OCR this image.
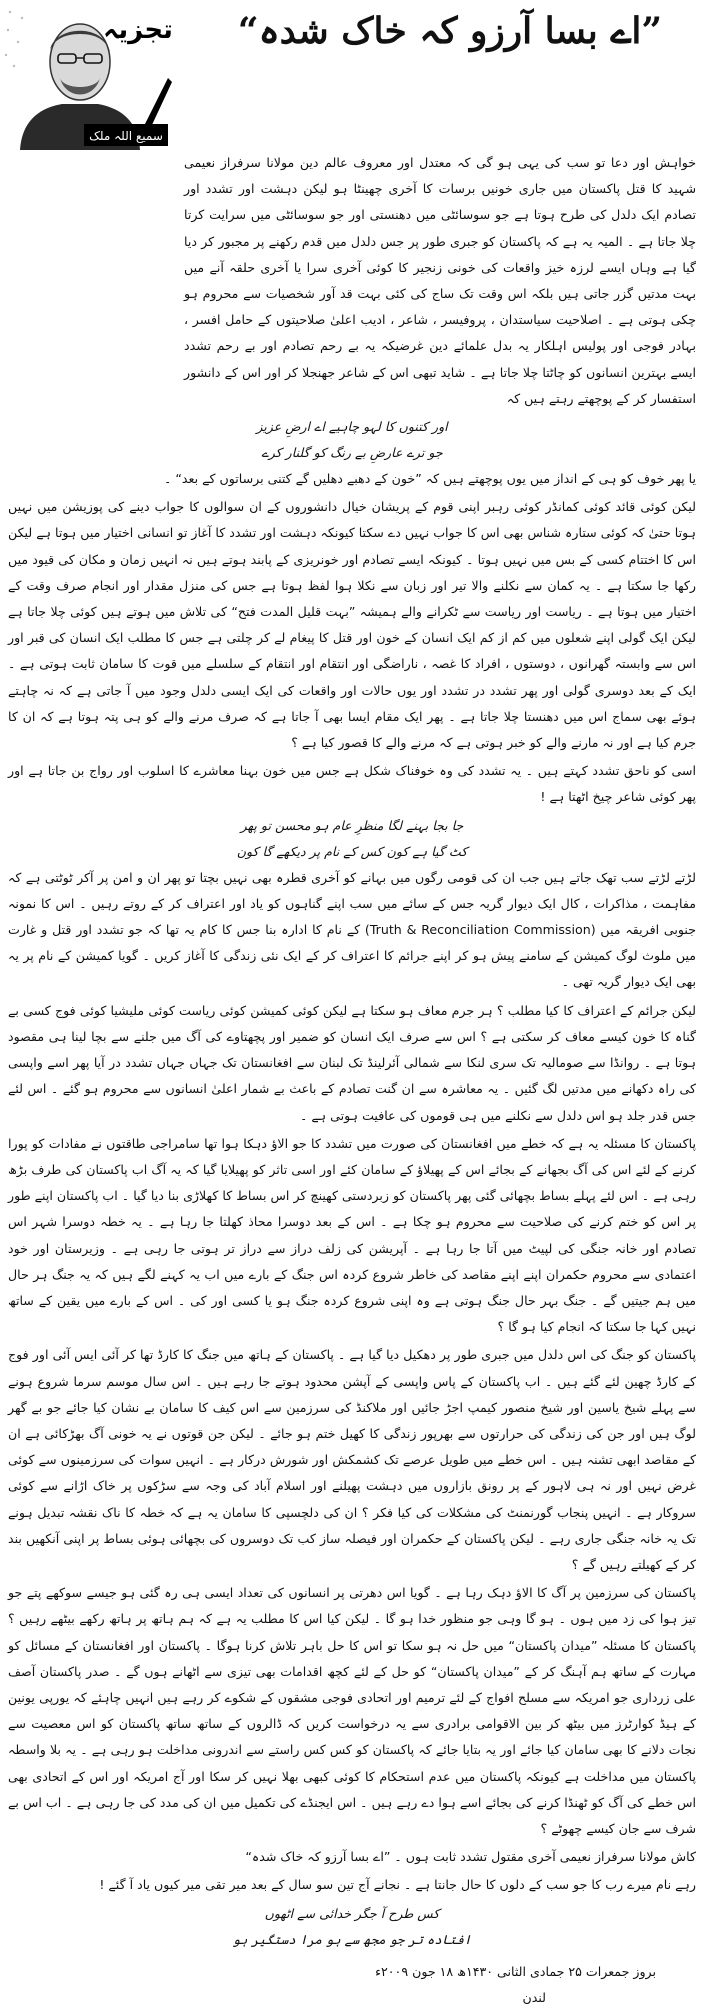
تجزیہ
سمیع اللہ ملک
”اے بسا آرزو کہ خاک شدہ“

خواہش اور دعا تو سب کی یہی ہو گی کہ معتدل اور معروف عالم دین مولانا سرفراز نعیمی شہید کا قتل پاکستان میں جاری خونیں برسات کا آخری چھینٹا ہو لیکن دہشت اور تشدد اور تصادم ایک دلدل کی طرح ہوتا ہے جو سوسائٹی میں دھنستی اور جو سوسائٹی میں سرایت کرتا چلا جاتا ہے ۔ المیہ یہ ہے کہ پاکستان کو جبری طور پر جس دلدل میں قدم رکھنے پر مجبور کر دیا گیا ہے وہاں ایسے لرزہ خیز واقعات کی خونی زنجیر کا کوئی آخری سرا یا آخری حلقہ آنے میں بہت مدتیں گزر جاتی ہیں بلکہ اس وقت تک ساج کی کئی بہت قد آور شخصیات سے محروم ہو چکی ہوتی ہے ۔ اصلاحیت سیاستدان ، پروفیسر ، شاعر ، ادیب اعلیٰ صلاحیتوں کے حامل افسر ، بہادر فوجی اور پولیس اہلکار یہ بدل علمائے دین غرضیکہ یہ بے رحم تصادم اور بے رحم تشدد ایسے بہترین انسانوں کو چاٹتا چلا جاتا ہے ۔ شاید تبھی اس کے شاعر جھنجلا کر اور اس کے دانشور استفسار کر کے پوچھتے رہتے ہیں کہ

اور کتنوں کا لہو چاہیے اے ارضِ عزیز

جو ترے عارضِ بے رنگ کو گلنار کرے

یا پھر خوف کو ہی کے انداز میں یوں پوچھتے ہیں کہ ”خون کے دھبے دھلیں گے کتنی برساتوں کے بعد“ ۔

لیکن کوئی قائد کوئی کمانڈر کوئی رہبر اپنی قوم کے پریشان خیال دانشوروں کے ان سوالوں کا جواب دینے کی پوزیشن میں نہیں ہوتا حتیٰ کہ کوئی ستارہ شناس بھی اس کا جواب نہیں دے سکتا کیونکہ دہشت اور تشدد کا آغاز تو انسانی اختیار میں ہوتا ہے لیکن اس کا اختتام کسی کے بس میں نہیں ہوتا ۔ کیونکہ ایسے تصادم اور خونریزی کے پابند ہوتے ہیں نہ انہیں زمان و مکان کی قیود میں رکھا جا سکتا ہے ۔ یہ کمان سے نکلنے والا تیر اور زبان سے نکلا ہوا لفظ ہوتا ہے جس کی منزل مقدار اور انجام صرف وقت کے اختیار میں ہوتا ہے ۔ ریاست اور ریاست سے ٹکرانے والے ہمیشہ ”بہت قلیل المدت فتح“ کی تلاش میں ہوتے ہیں کوئی چلا جاتا ہے لیکن ایک گولی اپنے شعلوں میں کم از کم ایک انسان کے خون اور قتل کا پیغام لے کر چلتی ہے جس کا مطلب ایک انسان کی قبر اور اس سے وابستہ گھرانوں ، دوستوں ، افراد کا غصہ ، ناراضگی اور انتقام اور انتقام کے سلسلے میں قوت کا سامان ثابت ہوتی ہے ۔ ایک کے بعد دوسری گولی اور پھر تشدد در تشدد اور یوں حالات اور واقعات کی ایک ایسی دلدل وجود میں آ جاتی ہے کہ نہ چاہتے ہوئے بھی سماج اس میں دھنستا چلا جاتا ہے ۔ پھر ایک مقام ایسا بھی آ جاتا ہے کہ صرف مرنے والے کو ہی پتہ ہوتا ہے کہ ان کا جرم کیا ہے اور نہ مارنے والے کو خبر ہوتی ہے کہ مرنے والے کا قصور کیا ہے ؟

اسی کو ناحق تشدد کہتے ہیں ۔ یہ تشدد کی وہ خوفناک شکل ہے جس میں خون بہنا معاشرے کا اسلوب اور رواج بن جاتا ہے اور پھر کوئی شاعر چیخ اٹھتا ہے !

جا بجا بہنے لگا منظرِ عام ہو محسن تو پھر

کٹ گیا ہے کون کس کے نام پر دیکھے گا کون

لڑتے لڑتے سب تھک جاتے ہیں جب ان کی قومی رگوں میں بہانے کو آخری قطرہ بھی نہیں بچتا تو پھر ان و امن پر آکر ٹوٹتی ہے کہ مفاہمت ، مذاکرات ، کال ایک دیوار گریہ جس کے سائے میں سب اپنے گناہوں کو یاد اور اعتراف کر کے روتے رہیں ۔ اس کا نمونہ جنوبی افریقہ میں (Truth & Reconciliation Commission) کے نام کا ادارہ بنا جس کا کام یہ تھا کہ جو تشدد اور قتل و غارت میں ملوث لوگ کمیشن کے سامنے پیش ہو کر اپنے جرائم کا اعتراف کر کے ایک نئی زندگی کا آغاز کریں ۔ گویا کمیشن کے نام پر یہ بھی ایک دیوار گریہ تھی ۔

لیکن جرائم کے اعتراف کا کیا مطلب ؟ ہر جرم معاف ہو سکتا ہے لیکن کوئی کمیشن کوئی ریاست کوئی ملیشیا کوئی فوج کسی بے گناہ کا خون کیسے معاف کر سکتی ہے ؟ اس سے صرف ایک انسان کو ضمیر اور پچھتاوے کی آگ میں جلنے سے بچا لینا ہی مقصود ہوتا ہے ۔ روانڈا سے صومالیہ تک سری لنکا سے شمالی آئرلینڈ تک لبنان سے افغانستان تک جہاں جہاں تشدد در آیا پھر اسے واپسی کی راہ دکھانے میں مدتیں لگ گئیں ۔ یہ معاشرہ سے ان گنت تصادم کے باعث بے شمار اعلیٰ انسانوں سے محروم ہو گئے ۔ اس لئے جس قدر جلد ہو اس دلدل سے نکلنے میں ہی قوموں کی عافیت ہوتی ہے ۔

پاکستان کا مسئلہ یہ ہے کہ خطے میں افغانستان کی صورت میں تشدد کا جو الاؤ دہکا ہوا تھا سامراجی طاقتوں نے مفادات کو پورا کرنے کے لئے اس کی آگ بجھانے کے بجائے اس کے پھیلاؤ کے سامان کئے اور اسی تاثر کو پھیلایا گیا کہ یہ آگ اب پاکستان کی طرف بڑھ رہی ہے ۔ اس لئے پہلے بساط بچھائی گئی پھر پاکستان کو زبردستی کھینچ کر اس بساط کا کھلاڑی بنا دیا گیا ۔ اب پاکستان اپنے طور پر اس کو ختم کرنے کی صلاحیت سے محروم ہو چکا ہے ۔ اس کے بعد دوسرا محاذ کھلتا جا رہا ہے ۔ یہ خطہ دوسرا شہر اس تصادم اور خانہ جنگی کی لپیٹ میں آتا جا رہا ہے ۔ آپریشن کی زلف دراز سے دراز تر ہوتی جا رہی ہے ۔ وزیرستان اور خود اعتمادی سے محروم حکمران اپنے اپنے مقاصد کی خاطر شروع کردہ اس جنگ کے بارے میں اب یہ کہنے لگے ہیں کہ یہ جنگ ہر حال میں ہم جیتیں گے ۔ جنگ بہر حال جنگ ہوتی ہے وہ اپنی شروع کردہ جنگ ہو یا کسی اور کی ۔ اس کے بارے میں یقین کے ساتھ نہیں کہا جا سکتا کہ انجام کیا ہو گا ؟

پاکستان کو جنگ کی اس دلدل میں جبری طور پر دھکیل دیا گیا ہے ۔ پاکستان کے ہاتھ میں جنگ کا کارڈ تھا کر آئی ایس آئی اور فوج کے کارڈ چھین لئے گئے ہیں ۔ اب پاکستان کے پاس واپسی کے آپشن محدود ہوتے جا رہے ہیں ۔ اس سال موسم سرما شروع ہونے سے پہلے شیخ یاسین اور شیخ منصور کیمپ اجڑ جائیں اور ملاکنڈ کی سرزمین سے اس کیف کا سامان بے نشان کیا جائے جو بے گھر لوگ ہیں اور جن کی زندگی کی حرارتوں سے بھرپور زندگی کا کھیل ختم ہو جائے ۔ لیکن جن قوتوں نے یہ خونی آگ بھڑکائی ہے ان کے مقاصد ابھی تشنہ ہیں ۔ اس خطے میں طویل عرصے تک کشمکش اور شورش درکار ہے ۔ انہیں سوات کی سرزمینوں سے کوئی غرض نہیں اور نہ ہی لاہور کے پر رونق بازاروں میں دہشت پھیلنے اور اسلام آباد کی وجہ سے سڑکوں پر خاک اڑانے سے کوئی سروکار ہے ۔ انہیں پنجاب گورنمنٹ کی مشکلات کی کیا فکر ؟ ان کی دلچسپی کا سامان یہ ہے کہ خطہ کا ناک نقشہ تبدیل ہونے تک یہ خانہ جنگی جاری رہے ۔ لیکن پاکستان کے حکمران اور فیصلہ ساز کب تک دوسروں کی بچھائی ہوئی بساط پر اپنی آنکھیں بند کر کے کھیلتے رہیں گے ؟

پاکستان کی سرزمین پر آگ کا الاؤ دہک رہا ہے ۔ گویا اس دھرتی پر انسانوں کی تعداد ایسی ہی رہ گئی ہو جیسے سوکھے پتے جو تیز ہوا کی زد میں ہوں ۔ ہو گا وہی جو منظور خدا ہو گا ۔ لیکن کیا اس کا مطلب یہ ہے کہ ہم ہاتھ پر ہاتھ رکھے بیٹھے رہیں ؟ پاکستان کا مسئلہ ”میدان پاکستان“ میں حل نہ ہو سکا تو اس کا حل باہر تلاش کرنا ہوگا ۔ پاکستان اور افغانستان کے مسائل کو مہارت کے ساتھ ہم آہنگ کر کے ”میدان پاکستان“ کو حل کے لئے کچھ اقدامات بھی تیزی سے اٹھانے ہوں گے ۔ صدر پاکستان آصف علی زرداری جو امریکہ سے مسلح افواج کے لئے ترمیم اور اتحادی فوجی مشقوں کے شکوے کر رہے ہیں انہیں چاہئے کہ یورپی یونین کے ہیڈ کوارٹرز میں بیٹھ کر بین الاقوامی برادری سے یہ درخواست کریں کہ ڈالروں کے ساتھ ساتھ پاکستان کو اس معصیت سے نجات دلانے کا بھی سامان کیا جائے اور یہ بتایا جائے کہ پاکستان کو کس کس راستے سے اندرونی مداخلت ہو رہی ہے ۔ یہ بلا واسطہ پاکستان میں مداخلت ہے کیونکہ پاکستان میں عدم استحکام کا کوئی کبھی بھلا نہیں کر سکا اور آج امریکہ اور اس کے اتحادی بھی اس خطے کی آگ کو ٹھنڈا کرنے کی بجائے اسے ہوا دے رہے ہیں ۔ اس ایجنڈے کی تکمیل میں ان کی مدد کی جا رہی ہے ۔ اب اس بے شرف سے جان کیسے چھوٹے ؟

کاش مولانا سرفراز نعیمی آخری مقتول تشدد ثابت ہوں ۔ ”اے بسا آرزو کہ خاک شدہ“

رہے نام میرے رب کا جو سب کے دلوں کا حال جانتا ہے ۔ نجانے آج تین سو سال کے بعد میر تقی میر کیوں یاد آ گئے !

کس طرح آ جگر خدائی سے اٹھوں

افتادہ تر جو مجھ سے ہو مرا دستگیر ہو

بروز جمعرات ۲۵ جمادی الثانی ۱۴۳۰ھ ۱۸ جون ۲۰۰۹ء

لندن
